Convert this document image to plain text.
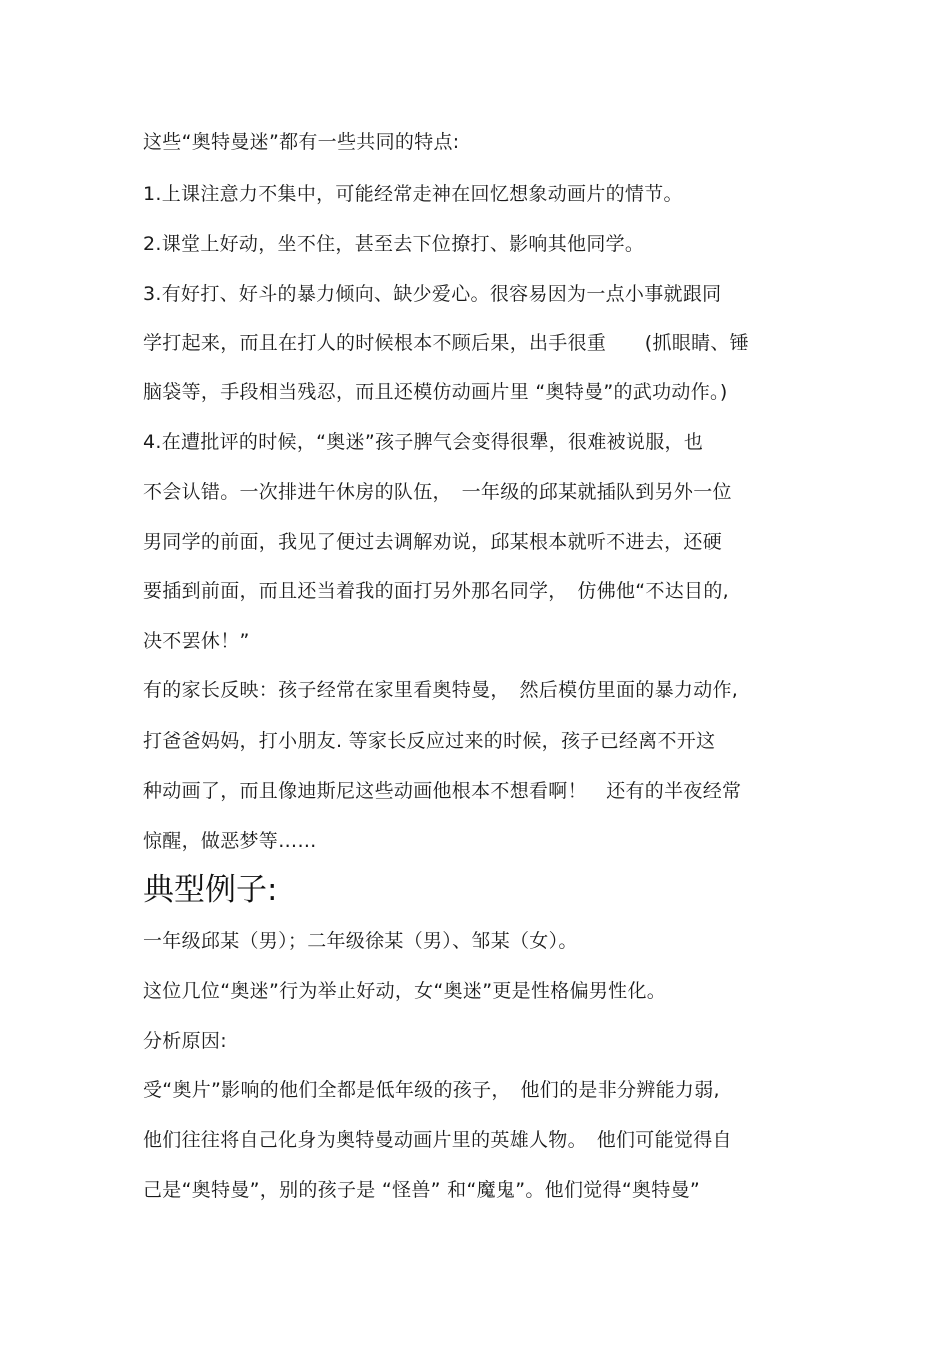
这些“奥特曼迷”都有一些共同的特点:
1.上课注意力不集中，可能经常走神在回忆想象动画片的情节。
2.课堂上好动，坐不住，甚至去下位撩打、影响其他同学。
3.有好打、好斗的暴力倾向、缺少爱心。很容易因为一点小事就跟同
学打起来，而且在打人的时候根本不顾后果，出手很重　　(抓眼睛、锤
脑袋等，手段相当残忍，而且还模仿动画片里 “奥特曼”的武功动作。)
4.在遭批评的时候，“奥迷”孩子脾气会变得很犟，很难被说服，也
不会认错。一次排进午休房的队伍，　一年级的邱某就插队到另外一位
男同学的前面，我见了便过去调解劝说，邱某根本就听不进去，还硬
要插到前面，而且还当着我的面打另外那名同学，　仿佛他“不达目的,
决不罢休！”
有的家长反映：孩子经常在家里看奥特曼，　然后模仿里面的暴力动作,
打爸爸妈妈，打小朋友. 等家长反应过来的时候，孩子已经离不开这
种动画了，而且像迪斯尼这些动画他根本不想看啊！　还有的半夜经常
惊醒，做恶梦等……
典型例子:
一年级邱某（男）；二年级徐某（男）、邹某（女）。
这位几位“奥迷”行为举止好动，女“奥迷”更是性格偏男性化。
分析原因:
受“奥片”影响的他们全都是低年级的孩子，　他们的是非分辨能力弱,
他们往往将自己化身为奥特曼动画片里的英雄人物。　他们可能觉得自
己是“奥特曼”，别的孩子是 “怪兽” 和“魔鬼”。他们觉得“奥特曼”
